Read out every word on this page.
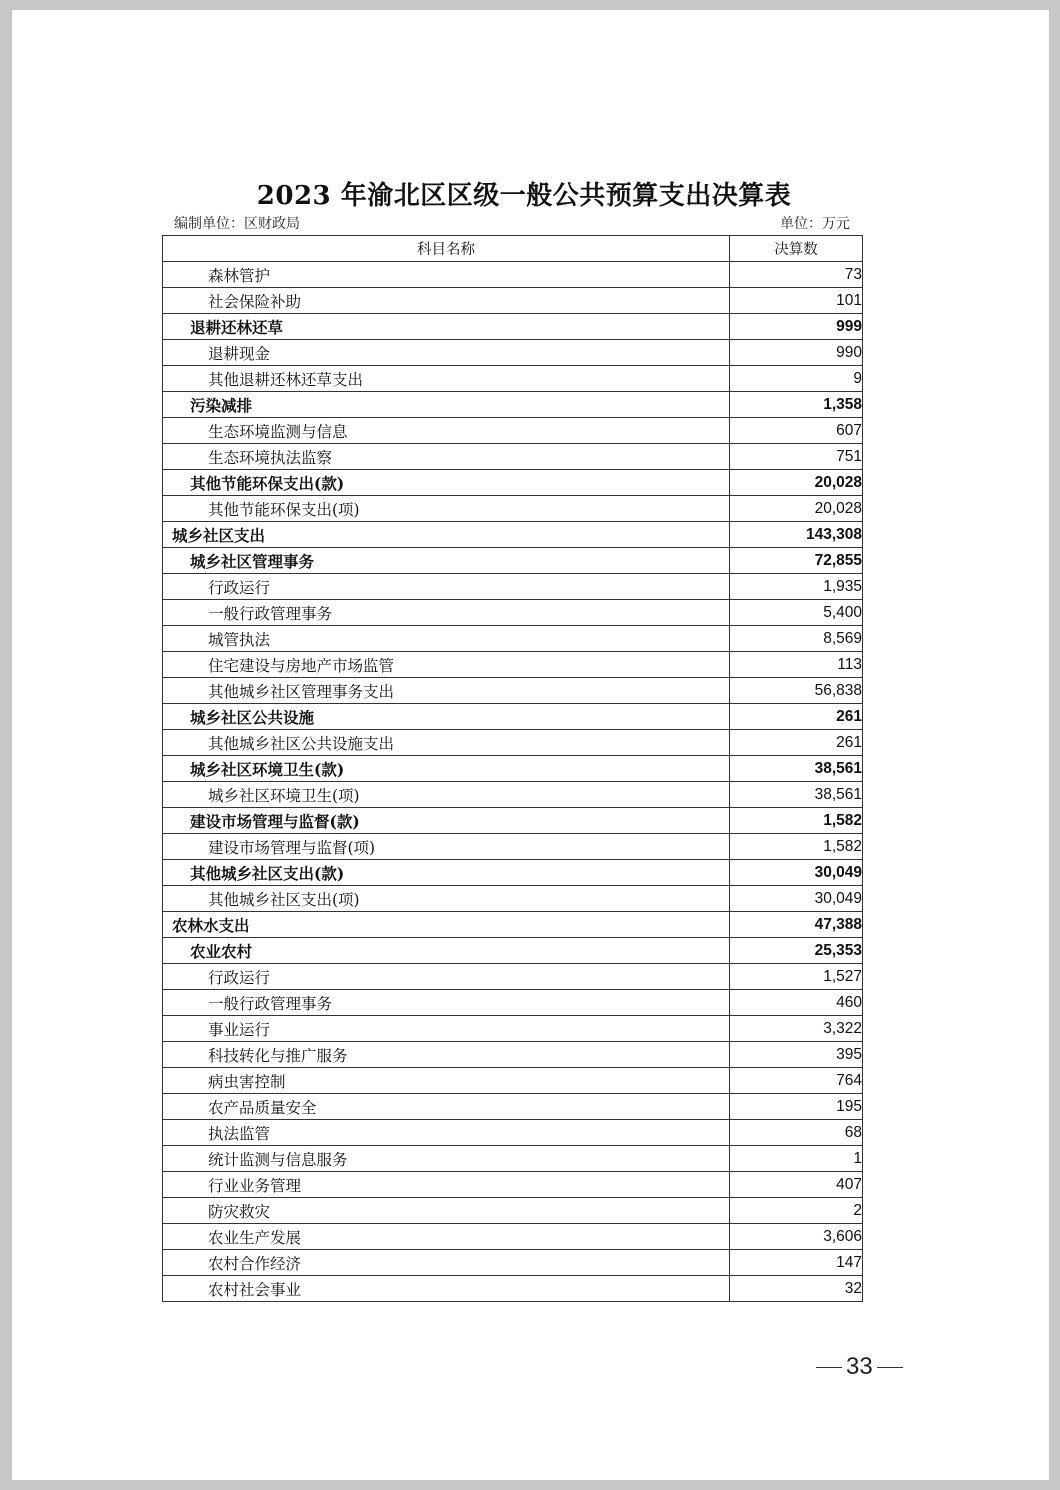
2023 年渝北区区级一般公共预算支出决算表
编制单位：区财政局	单位：万元
科目名称	决算数
森林管护	73
社会保险补助	101
退耕还林还草	999
退耕现金	990
其他退耕还林还草支出	9
污染减排	1,358
生态环境监测与信息	607
生态环境执法监察	751
其他节能环保支出(款)	20,028
其他节能环保支出(项)	20,028
城乡社区支出	143,308
城乡社区管理事务	72,855
行政运行	1,935
一般行政管理事务	5,400
城管执法	8,569
住宅建设与房地产市场监管	113
其他城乡社区管理事务支出	56,838
城乡社区公共设施	261
其他城乡社区公共设施支出	261
城乡社区环境卫生(款)	38,561
城乡社区环境卫生(项)	38,561
建设市场管理与监督(款)	1,582
建设市场管理与监督(项)	1,582
其他城乡社区支出(款)	30,049
其他城乡社区支出(项)	30,049
农林水支出	47,388
农业农村	25,353
行政运行	1,527
一般行政管理事务	460
事业运行	3,322
科技转化与推广服务	395
病虫害控制	764
农产品质量安全	195
执法监管	68
统计监测与信息服务	1
行业业务管理	407
防灾救灾	2
农业生产发展	3,606
农村合作经济	147
农村社会事业	32
33
